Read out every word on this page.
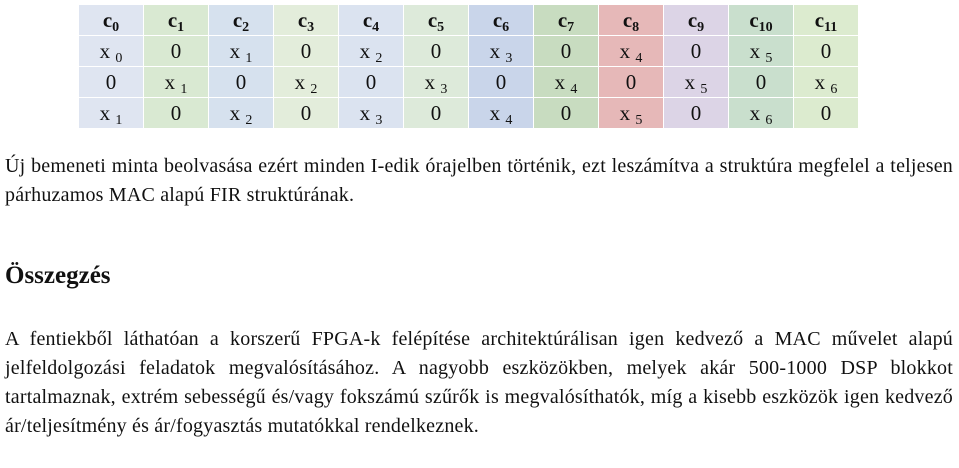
$c_0$	$c_1$	$c_2$	$c_3$	$c_4$	$c_5$	$c_6$	$c_7$	$c_8$	$c_9$	$c_{10}$	$c_{11}$
x $_0$	0	x $_1$	0	x $_2$	0	x $_3$	0	x $_4$	0	x $_5$	0
0	x $_1$	0	x $_2$	0	x $_3$	0	x $_4$	0	x $_5$	0	x $_6$
x $_1$	0	x $_2$	0	x $_3$	0	x $_4$	0	x $_5$	0	x $_6$	0

Új bemeneti minta beolvasása ezért minden I-edik órajelben történik, ezt leszámítva a struktúra megfelel a teljesen párhuzamos MAC alapú FIR struktúrának.

Összegzés

A fentiekből láthatóan a korszerű FPGA-k felépítése architektúrálisan igen kedvező a MAC művelet alapú jelfeldolgozási feladatok megvalósításához. A nagyobb eszközökben, melyek akár 500-1000 DSP blokkot tartalmaznak, extrém sebességű és/vagy fokszámú szűrők is megvalósíthatók, míg a kisebb eszközök igen kedvező ár/teljesítmény és ár/fogyasztás mutatókkal rendelkeznek.
